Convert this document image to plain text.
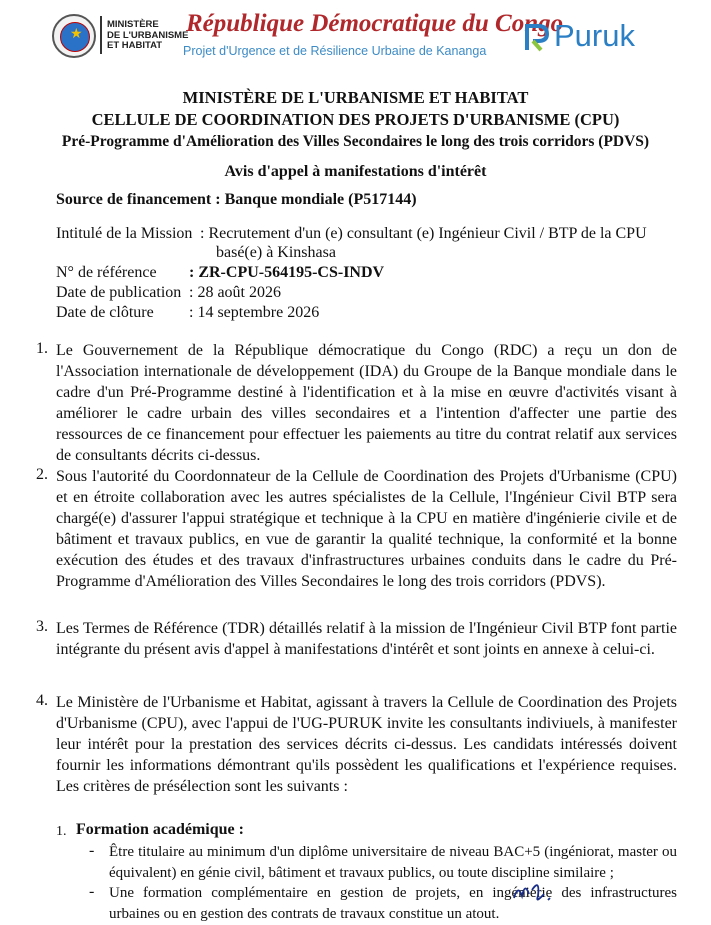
★
MINISTÈRE
DE L'URBANISME
ET HABITAT
République Démocratique du Congo
Projet d'Urgence et de Résilience Urbaine de Kananga Puruk
MINISTÈRE DE L'URBANISME ET HABITAT
CELLULE DE COORDINATION DES PROJETS D'URBANISME (CPU)
Pré-Programme d'Amélioration des Villes Secondaires le long des trois corridors (PDVS)
Avis d'appel à manifestations d'intérêt
Source de financement : Banque mondiale (P517144)
Intitulé de la Mission : Recrutement d'un (e) consultant (e) Ingénieur Civil / BTP de la CPU
basé(e) à Kinshasa
N° de référence : ZR-CPU-564195-CS-INDV
Date de publication : 28 août 2026
Date de clôture : 14 septembre 2026
1. Le Gouvernement de la République démocratique du Congo (RDC) a reçu un don de l'Association internationale de développement (IDA) du Groupe de la Banque mondiale dans le cadre d'un Pré-Programme destiné à l'identification et à la mise en œuvre d'activités visant à améliorer le cadre urbain des villes secondaires et a l'intention d'affecter une partie des ressources de ce financement pour effectuer les paiements au titre du contrat relatif aux services de consultants décrits ci-dessus.
2. Sous l'autorité du Coordonnateur de la Cellule de Coordination des Projets d'Urbanisme (CPU) et en étroite collaboration avec les autres spécialistes de la Cellule, l'Ingénieur Civil BTP sera chargé(e) d'assurer l'appui stratégique et technique à la CPU en matière d'ingénierie civile et de bâtiment et travaux publics, en vue de garantir la qualité technique, la conformité et la bonne exécution des études et des travaux d'infrastructures urbaines conduits dans le cadre du Pré-Programme d'Amélioration des Villes Secondaires le long des trois corridors (PDVS).
3. Les Termes de Référence (TDR) détaillés relatif à la mission de l'Ingénieur Civil BTP font partie intégrante du présent avis d'appel à manifestations d'intérêt et sont joints en annexe à celui-ci.
4. Le Ministère de l'Urbanisme et Habitat, agissant à travers la Cellule de Coordination des Projets d'Urbanisme (CPU), avec l'appui de l'UG-PURUK invite les consultants indiviuels, à manifester leur intérêt pour la prestation des services décrits ci-dessus. Les candidats intéressés doivent fournir les informations démontrant qu'ils possèdent les qualifications et l'expérience requises. Les critères de présélection sont les suivants :
1. Formation académique :
- Être titulaire au minimum d'un diplôme universitaire de niveau BAC+5 (ingéniorat, master ou équivalent) en génie civil, bâtiment et travaux publics, ou toute discipline similaire ;
- Une formation complémentaire en gestion de projets, en ingénierie des infrastructures urbaines ou en gestion des contrats de travaux constitue un atout.
